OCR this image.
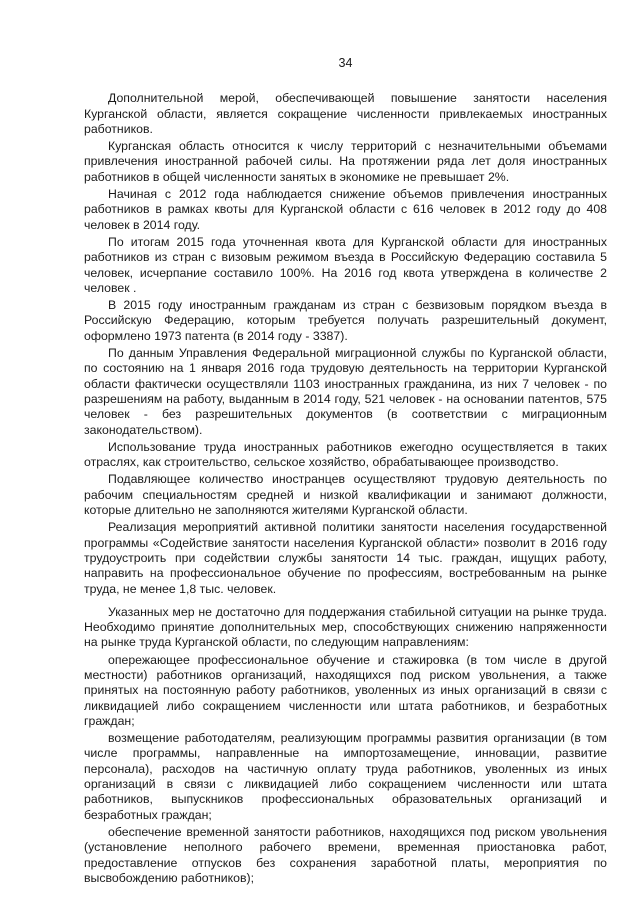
34

Дополнительной мерой, обеспечивающей повышение занятости населения Курганской области, является сокращение численности привлекаемых иностранных работников.

Курганская область относится к числу территорий с незначительными объемами привлечения иностранной рабочей силы. На протяжении ряда лет доля иностранных работников в общей численности занятых в экономике не превышает 2%.

Начиная с 2012 года наблюдается снижение объемов привлечения иностранных работников в рамках квоты для Курганской области с 616 человек в 2012 году до 408 человек в 2014 году.

По итогам 2015 года уточненная квота для Курганской области для иностранных работников из стран с визовым режимом въезда в Российскую Федерацию составила 5 человек, исчерпание составило 100%. На 2016 год квота утверждена в количестве 2 человек .

В 2015 году иностранным гражданам из стран с безвизовым порядком въезда в Российскую Федерацию, которым требуется получать разрешительный документ, оформлено 1973 патента (в 2014 году - 3387).

По данным Управления Федеральной миграционной службы по Курганской области, по состоянию на 1 января 2016 года трудовую деятельность на территории Курганской области фактически осуществляли 1103 иностранных гражданина, из них 7 человек - по разрешениям на работу, выданным в 2014 году, 521 человек - на основании патентов, 575 человек - без разрешительных документов (в соответствии с миграционным законодательством).

Использование труда иностранных работников ежегодно осуществляется в таких отраслях, как строительство, сельское хозяйство, обрабатывающее производство.

Подавляющее количество иностранцев осуществляют трудовую деятельность по рабочим специальностям средней и низкой квалификации и занимают должности, которые длительно не заполняются жителями Курганской области.

Реализация мероприятий активной политики занятости населения государственной программы «Содействие занятости населения Курганской области» позволит в 2016 году трудоустроить при содействии службы занятости 14 тыс. граждан, ищущих работу, направить на профессиональное обучение по профессиям, востребованным на рынке труда, не менее 1,8 тыс. человек.

Указанных мер не достаточно для поддержания стабильной ситуации на рынке труда. Необходимо принятие дополнительных мер, способствующих снижению напряженности на рынке труда Курганской области, по следующим направлениям:

опережающее профессиональное обучение и стажировка (в том числе в другой местности) работников организаций, находящихся под риском увольнения, а также принятых на постоянную работу работников, уволенных из иных организаций в связи с ликвидацией либо сокращением численности или штата работников, и безработных граждан;

возмещение работодателям, реализующим программы развития организации (в том числе программы, направленные на импортозамещение, инновации, развитие персонала), расходов на частичную оплату труда работников, уволенных из иных организаций в связи с ликвидацией либо сокращением численности или штата работников, выпускников профессиональных образовательных организаций и безработных граждан;

обеспечение временной занятости работников, находящихся под риском увольнения (установление неполного рабочего времени, временная приостановка работ, предоставление отпусков без сохранения заработной платы, мероприятия по высвобождению работников);
